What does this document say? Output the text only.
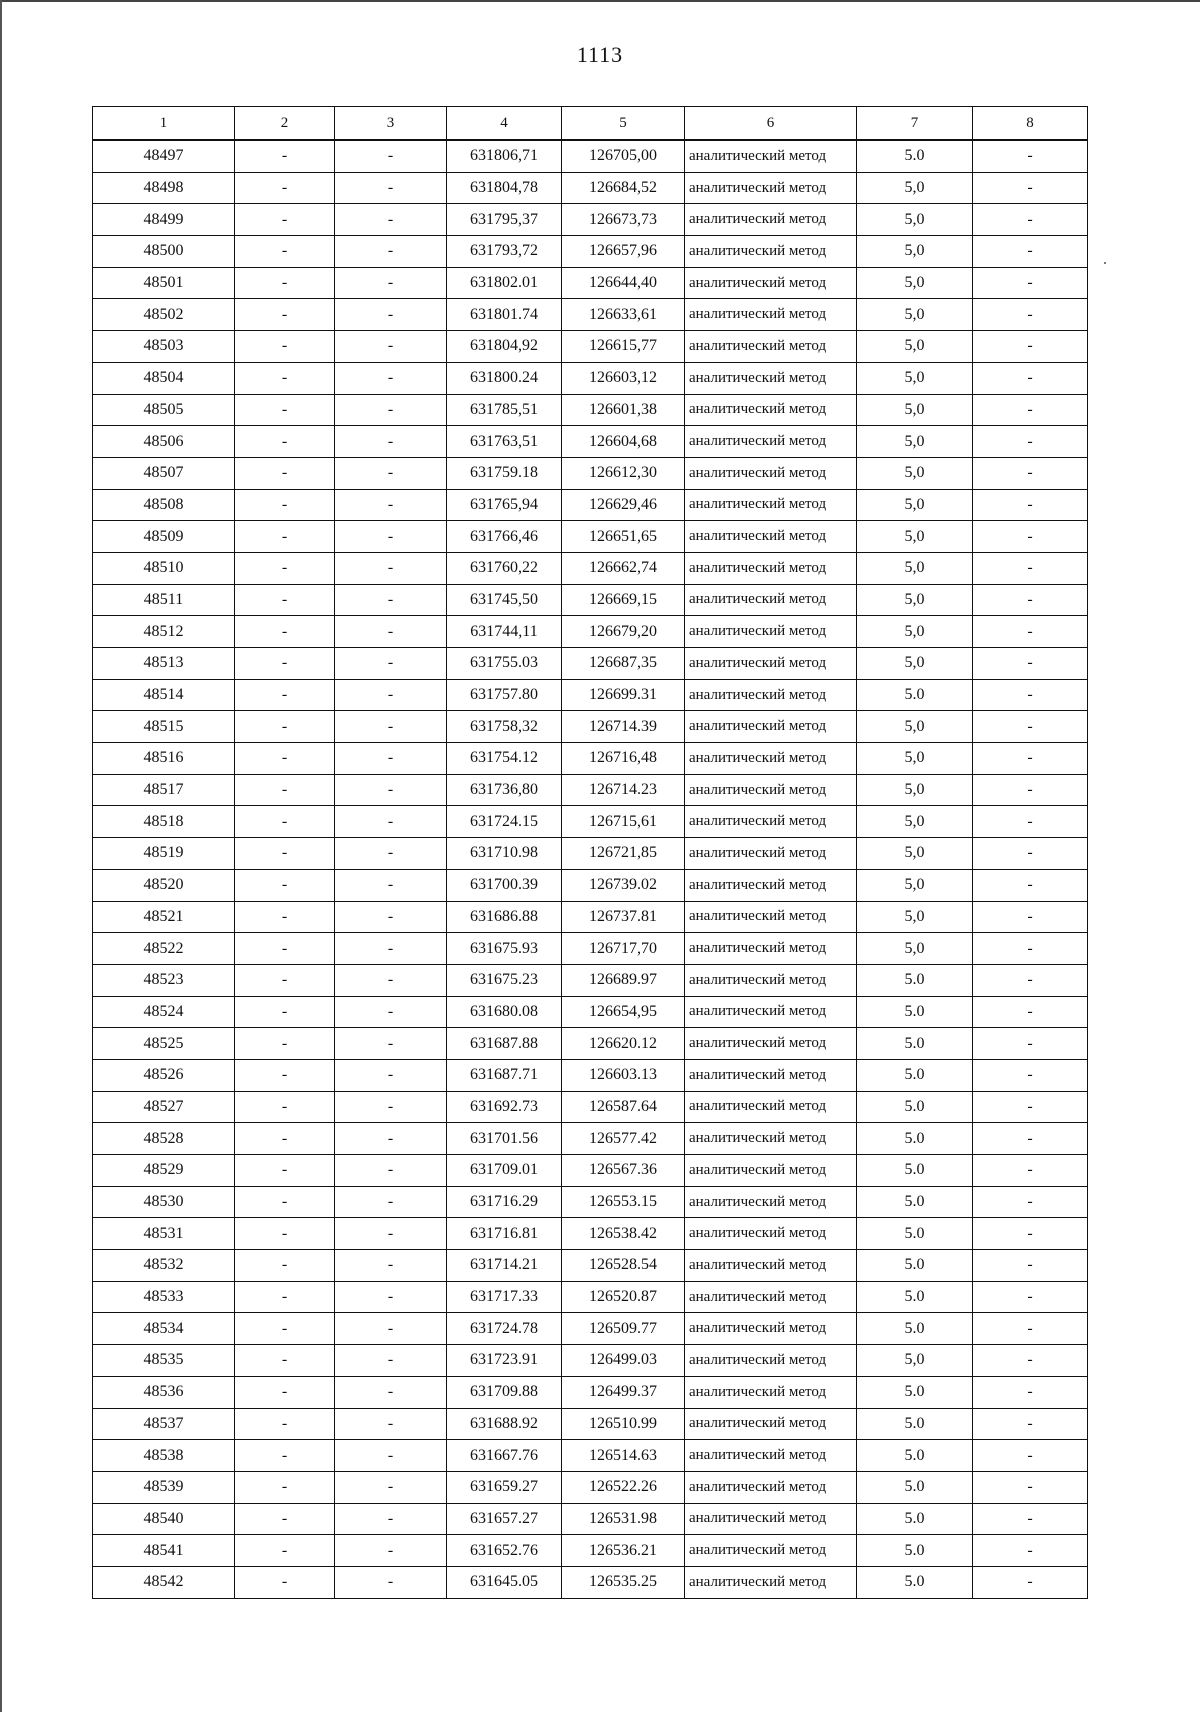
1113
1	2	3	4	5	6	7	8
48497	-	-	631806,71	126705,00	аналитический метод	5.0	-
48498	-	-	631804,78	126684,52	аналитический метод	5,0	-
48499	-	-	631795,37	126673,73	аналитический метод	5,0	-
48500	-	-	631793,72	126657,96	аналитический метод	5,0	-
48501	-	-	631802.01	126644,40	аналитический метод	5,0	-
48502	-	-	631801.74	126633,61	аналитический метод	5,0	-
48503	-	-	631804,92	126615,77	аналитический метод	5,0	-
48504	-	-	631800.24	126603,12	аналитический метод	5,0	-
48505	-	-	631785,51	126601,38	аналитический метод	5,0	-
48506	-	-	631763,51	126604,68	аналитический метод	5,0	-
48507	-	-	631759.18	126612,30	аналитический метод	5,0	-
48508	-	-	631765,94	126629,46	аналитический метод	5,0	-
48509	-	-	631766,46	126651,65	аналитический метод	5,0	-
48510	-	-	631760,22	126662,74	аналитический метод	5,0	-
48511	-	-	631745,50	126669,15	аналитический метод	5,0	-
48512	-	-	631744,11	126679,20	аналитический метод	5,0	-
48513	-	-	631755.03	126687,35	аналитический метод	5,0	-
48514	-	-	631757.80	126699.31	аналитический метод	5.0	-
48515	-	-	631758,32	126714.39	аналитический метод	5,0	-
48516	-	-	631754.12	126716,48	аналитический метод	5,0	-
48517	-	-	631736,80	126714.23	аналитический метод	5,0	-
48518	-	-	631724.15	126715,61	аналитический метод	5,0	-
48519	-	-	631710.98	126721,85	аналитический метод	5,0	-
48520	-	-	631700.39	126739.02	аналитический метод	5,0	-
48521	-	-	631686.88	126737.81	аналитический метод	5,0	-
48522	-	-	631675.93	126717,70	аналитический метод	5,0	-
48523	-	-	631675.23	126689.97	аналитический метод	5.0	-
48524	-	-	631680.08	126654,95	аналитический метод	5.0	-
48525	-	-	631687.88	126620.12	аналитический метод	5.0	-
48526	-	-	631687.71	126603.13	аналитический метод	5.0	-
48527	-	-	631692.73	126587.64	аналитический метод	5.0	-
48528	-	-	631701.56	126577.42	аналитический метод	5.0	-
48529	-	-	631709.01	126567.36	аналитический метод	5.0	-
48530	-	-	631716.29	126553.15	аналитический метод	5.0	-
48531	-	-	631716.81	126538.42	аналитический метод	5.0	-
48532	-	-	631714.21	126528.54	аналитический метод	5.0	-
48533	-	-	631717.33	126520.87	аналитический метод	5.0	-
48534	-	-	631724.78	126509.77	аналитический метод	5.0	-
48535	-	-	631723.91	126499.03	аналитический метод	5,0	-
48536	-	-	631709.88	126499.37	аналитический метод	5.0	-
48537	-	-	631688.92	126510.99	аналитический метод	5.0	-
48538	-	-	631667.76	126514.63	аналитический метод	5.0	-
48539	-	-	631659.27	126522.26	аналитический метод	5.0	-
48540	-	-	631657.27	126531.98	аналитический метод	5.0	-
48541	-	-	631652.76	126536.21	аналитический метод	5.0	-
48542	-	-	631645.05	126535.25	аналитический метод	5.0	-
